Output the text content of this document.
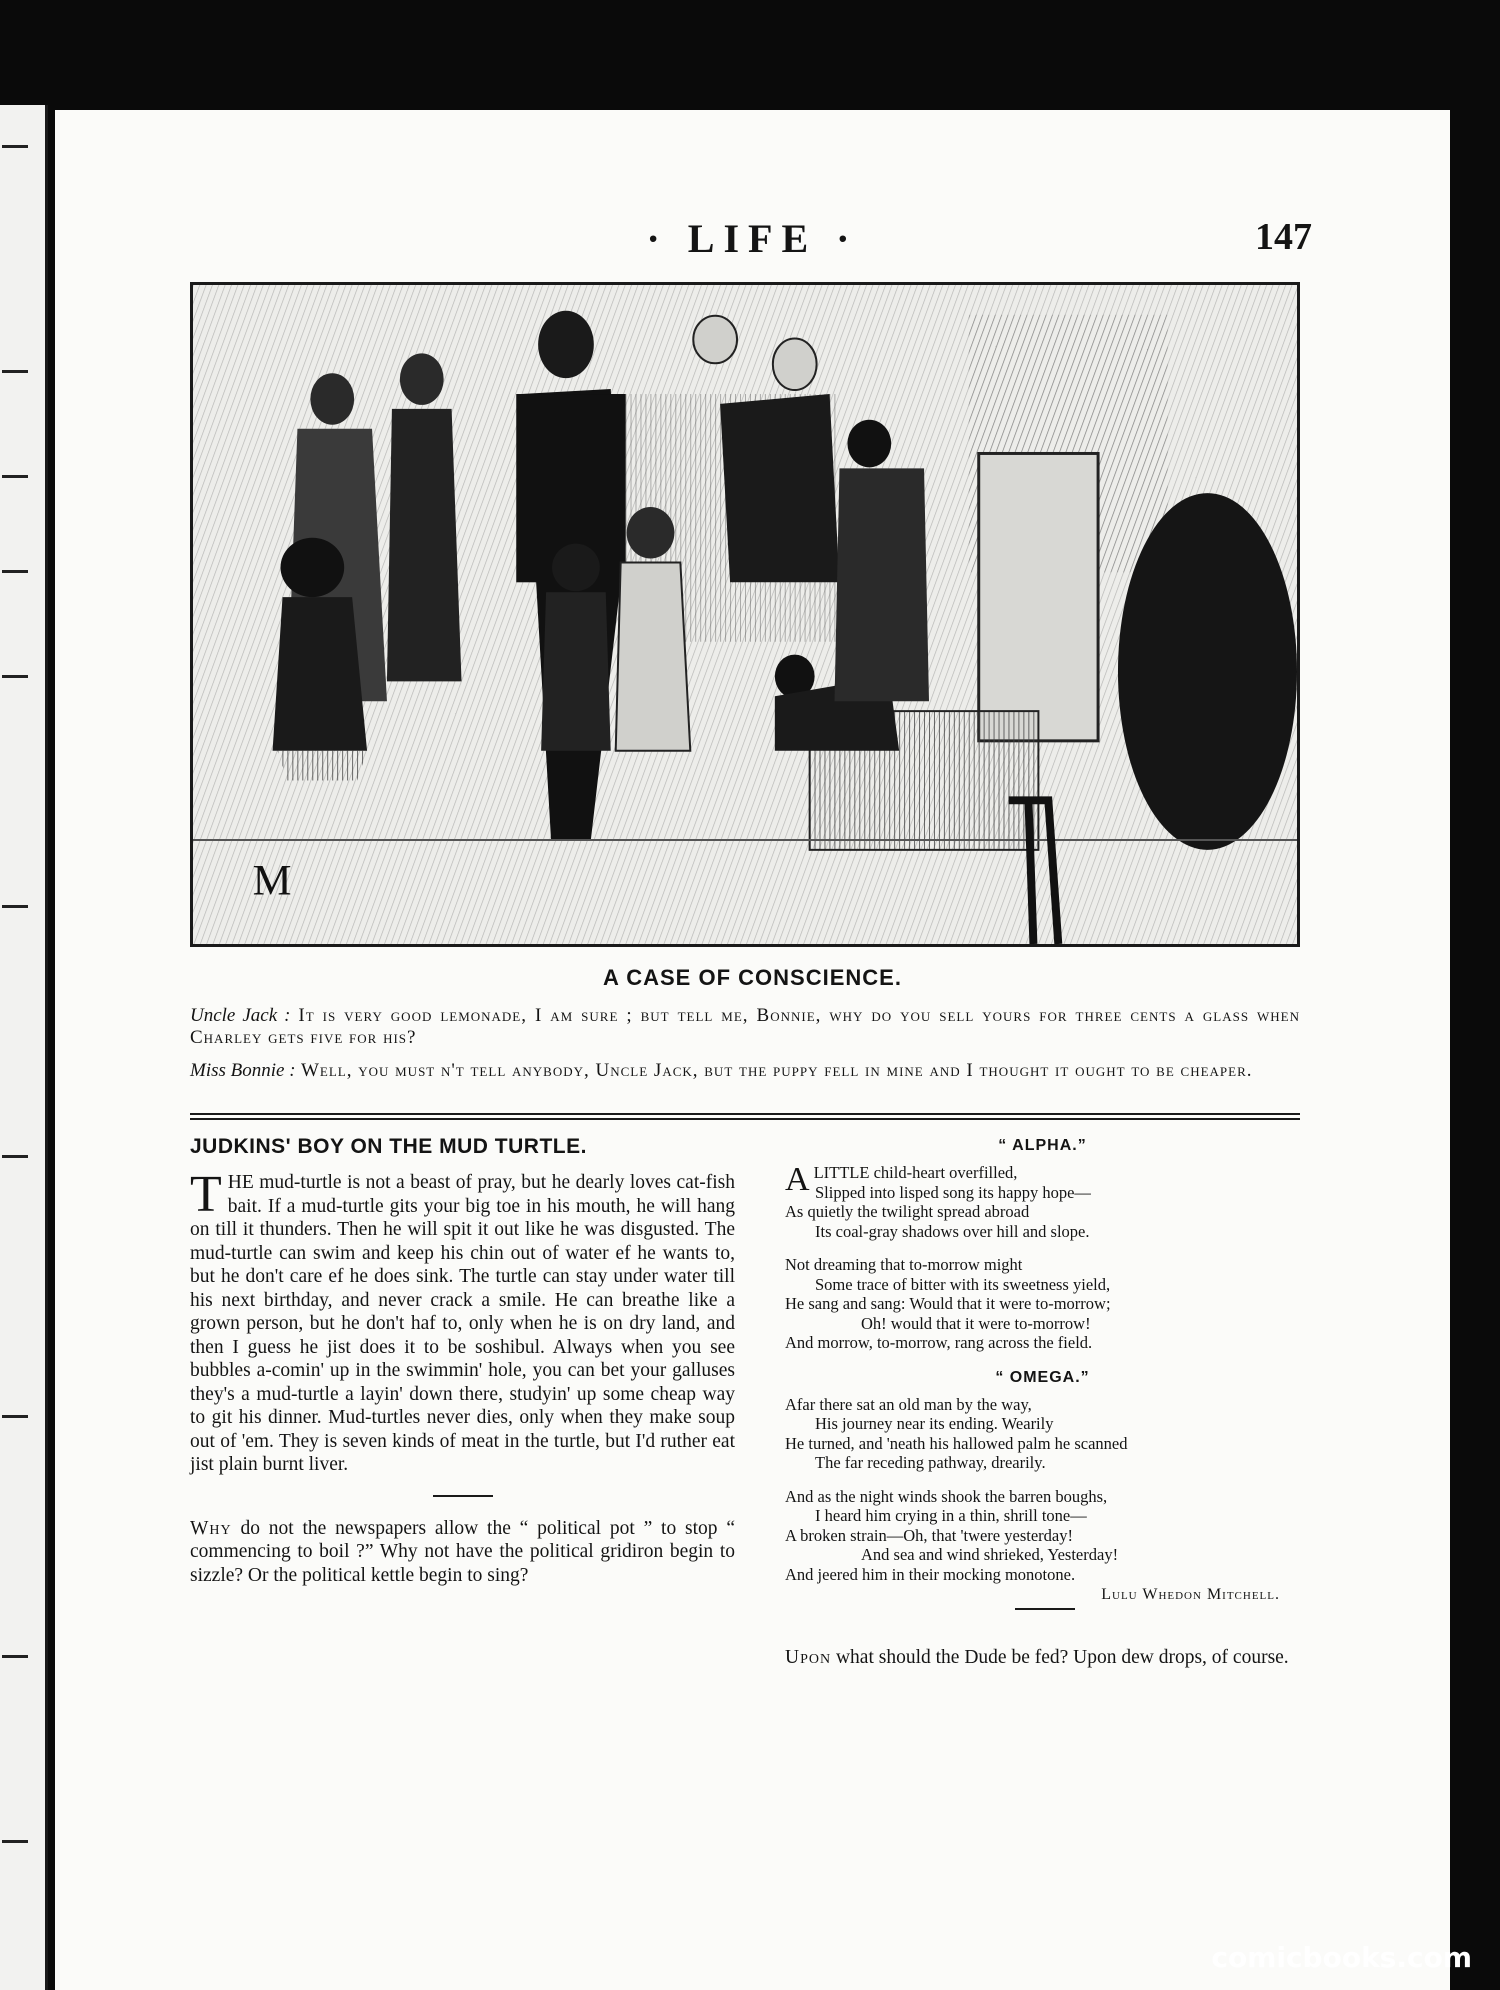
· LIFE ·	147
M
A CASE OF CONSCIENCE.
Uncle Jack : It is very good lemonade, I am sure ; but tell me, Bonnie, why do you sell yours for three cents a glass when Charley gets five for his?
Miss Bonnie : Well, you must n't tell anybody, Uncle Jack, but the puppy fell in mine and I thought it ought to be cheaper.
JUDKINS' BOY ON THE MUD TURTLE.
THE mud-turtle is not a beast of pray, but he dearly loves cat-fish bait. If a mud-turtle gits your big toe in his mouth, he will hang on till it thunders. Then he will spit it out like he was disgusted. The mud-turtle can swim and keep his chin out of water ef he wants to, but he don't care ef he does sink. The turtle can stay under water till his next birthday, and never crack a smile. He can breathe like a grown person, but he don't haf to, only when he is on dry land, and then I guess he jist does it to be soshibul. Always when you see bubbles a-comin' up in the swimmin' hole, you can bet your galluses they's a mud-turtle a layin' down there, studyin' up some cheap way to git his dinner. Mud-turtles never dies, only when they make soup out of 'em. They is seven kinds of meat in the turtle, but I'd ruther eat jist plain burnt liver.
Why do not the newspapers allow the “ political pot ” to stop “ commencing to boil ?” Why not have the political gridiron begin to sizzle? Or the political kettle begin to sing?
“ ALPHA.”
ALITTLE child-heart overfilled,
Slipped into lisped song its happy hope—
As quietly the twilight spread abroad
Its coal-gray shadows over hill and slope.
Not dreaming that to-morrow might
Some trace of bitter with its sweetness yield,
He sang and sang: Would that it were to-morrow;
Oh! would that it were to-morrow!
And morrow, to-morrow, rang across the field.
“ OMEGA.”
Afar there sat an old man by the way,
His journey near its ending. Wearily
He turned, and 'neath his hallowed palm he scanned
The far receding pathway, drearily.
And as the night winds shook the barren boughs,
I heard him crying in a thin, shrill tone—
A broken strain—Oh, that 'twere yesterday!
And sea and wind shrieked, Yesterday!
And jeered him in their mocking monotone.
Lulu Whedon Mitchell.
Upon what should the Dude be fed? Upon dew drops, of course.
comicbooks.com
